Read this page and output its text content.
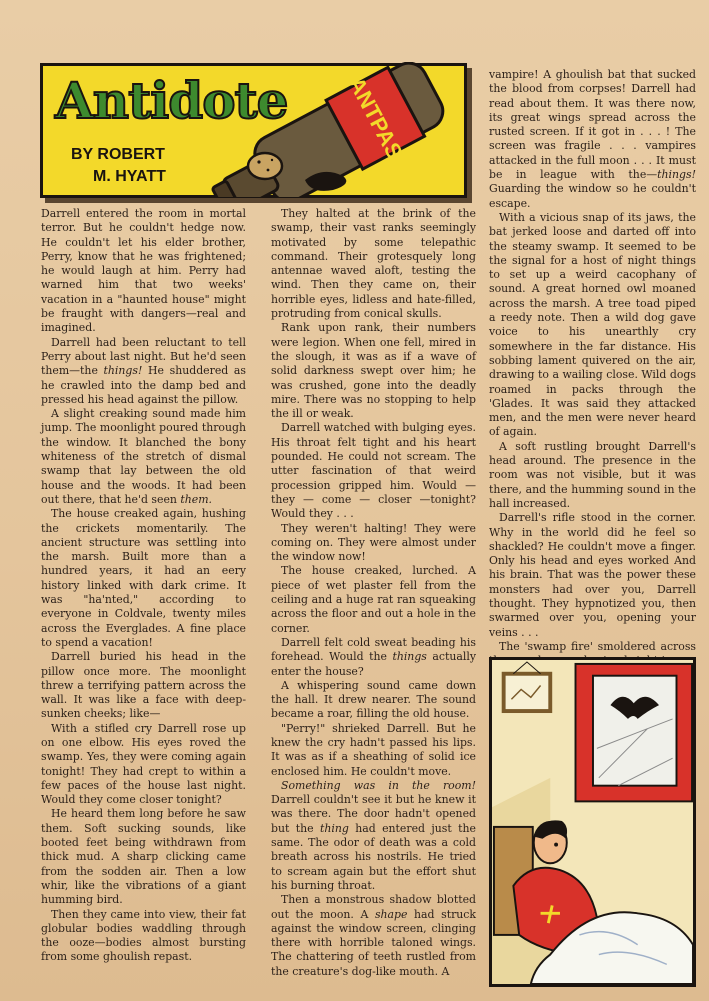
ANTPAS
Antidote
BY ROBERT
M. HYATT

Darrell entered the room in mortal terror. But he couldn't hedge now. He couldn't let his elder brother, Perry, know that he was frightened; he would laugh at him. Perry had warned him that two weeks' vacation in a "haunted house" might be fraught with dangers—real and imagined.

Darrell had been reluctant to tell Perry about last night. But he'd seen them—the things! He shuddered as he crawled into the damp bed and pressed his head against the pillow.

A slight creaking sound made him jump. The moonlight poured through the window. It blanched the bony whiteness of the stretch of dismal swamp that lay between the old house and the woods. It had been out there, that he'd seen them.

The house creaked again, hushing the crickets momentarily. The ancient structure was settling into the marsh. Built more than a hundred years, it had an eery history linked with dark crime. It was "ha'nted," according to everyone in Coldvale, twenty miles across the Everglades. A fine place to spend a vacation!

Darrell buried his head in the pillow once more. The moonlight threw a terrifying pattern across the wall. It was like a face with deep-sunken cheeks; like—

With a stifled cry Darrell rose up on one elbow. His eyes roved the swamp. Yes, they were coming again tonight! They had crept to within a few paces of the house last night. Would they come closer tonight?

He heard them long before he saw them. Soft sucking sounds, like booted feet being withdrawn from thick mud. A sharp clicking came from the sodden air. Then a low whir, like the vibrations of a giant humming bird.

Then they came into view, their fat globular bodies waddling through the ooze—bodies almost bursting from some ghoulish repast.

They halted at the brink of the swamp, their vast ranks seemingly motivated by some telepathic command. Their grotesquely long antennae waved aloft, testing the wind. Then they came on, their horrible eyes, lidless and hate-filled, protruding from conical skulls.

Rank upon rank, their numbers were legion. When one fell, mired in the slough, it was as if a wave of solid darkness swept over him; he was crushed, gone into the deadly mire. There was no stopping to help the ill or weak.

Darrell watched with bulging eyes. His throat felt tight and his heart pounded. He could not scream. The utter fascination of that weird procession gripped him. Would — they — come — closer —tonight? Would they . . .

They weren't halting! They were coming on. They were almost under the window now!

The house creaked, lurched. A piece of wet plaster fell from the ceiling and a huge rat ran squeaking across the floor and out a hole in the corner.

Darrell felt cold sweat beading his forehead. Would the things actually enter the house?

A whispering sound came down the hall. It drew nearer. The sound became a roar, filling the old house.

"Perry!" shrieked Darrell. But he knew the cry hadn't passed his lips. It was as if a sheathing of solid ice enclosed him. He couldn't move.

Something was in the room! Darrell couldn't see it but he knew it was there. The door hadn't opened but the thing had entered just the same. The odor of death was a cold breath across his nostrils. He tried to scream again but the effort shut his burning throat.

Then a monstrous shadow blotted out the moon. A shape had struck against the window screen, clinging there with horrible taloned wings. The chattering of teeth rustled from the creature's dog-like mouth. A

vampire! A ghoulish bat that sucked the blood from corpses! Darrell had read about them. It was there now, its great wings spread across the rusted screen. If it got in . . . ! The screen was fragile . . . vampires attacked in the full moon . . . It must be in league with the—things! Guarding the window so he couldn't escape.

With a vicious snap of its jaws, the bat jerked loose and darted off into the steamy swamp. It seemed to be the signal for a host of night things to set up a weird cacophany of sound. A great horned owl moaned across the marsh. A tree toad piped a reedy note. Then a wild dog gave voice to his unearthly cry somewhere in the far distance. His sobbing lament quivered on the air, drawing to a wailing close. Wild dogs roamed in packs through the 'Glades. It was said they attacked men, and the men were never heard of again.

A soft rustling brought Darrell's head around. The presence in the room was not visible, but it was there, and the humming sound in the hall increased.

Darrell's rifle stood in the corner. Why in the world did he feel so shackled? He couldn't move a finger. Only his head and eyes worked And his brain. That was the power these monsters had over you, Darrell thought. They hypnotized you, then swarmed over you, opening your veins . . .

The 'swamp fire' smoldered across
